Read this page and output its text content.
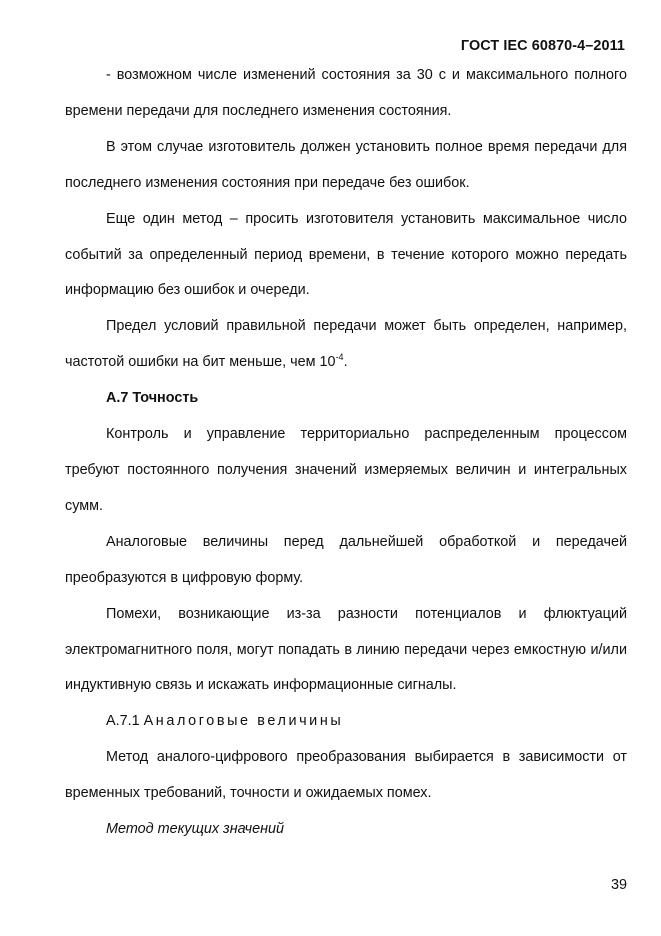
ГОСТ IEC 60870-4–2011

- возможном числе изменений состояния за 30 с и максимального полного времени передачи для последнего изменения состояния.

В этом случае изготовитель должен установить полное время передачи для последнего изменения состояния при передаче без ошибок.

Еще один метод – просить изготовителя установить максимальное число событий за определенный период времени, в течение которого можно передать информацию без ошибок и очереди.

Предел условий правильной передачи может быть определен, например, частотой ошибки на бит меньше, чем $10^{-4}$.

А.7 Точность

Контроль и управление территориально распределенным процессом требуют постоянного получения значений измеряемых величин и интегральных сумм.

Аналоговые величины перед дальнейшей обработкой и передачей преобразуются в цифровую форму.

Помехи, возникающие из-за разности потенциалов и флюктуаций электромагнитного поля, могут попадать в линию передачи через емкостную и/или индуктивную связь и искажать информационные сигналы.

А.7.1 Аналоговые величины

Метод аналого-цифрового преобразования выбирается в зависимости от временных требований, точности и ожидаемых помех.

Метод текущих значений

39
